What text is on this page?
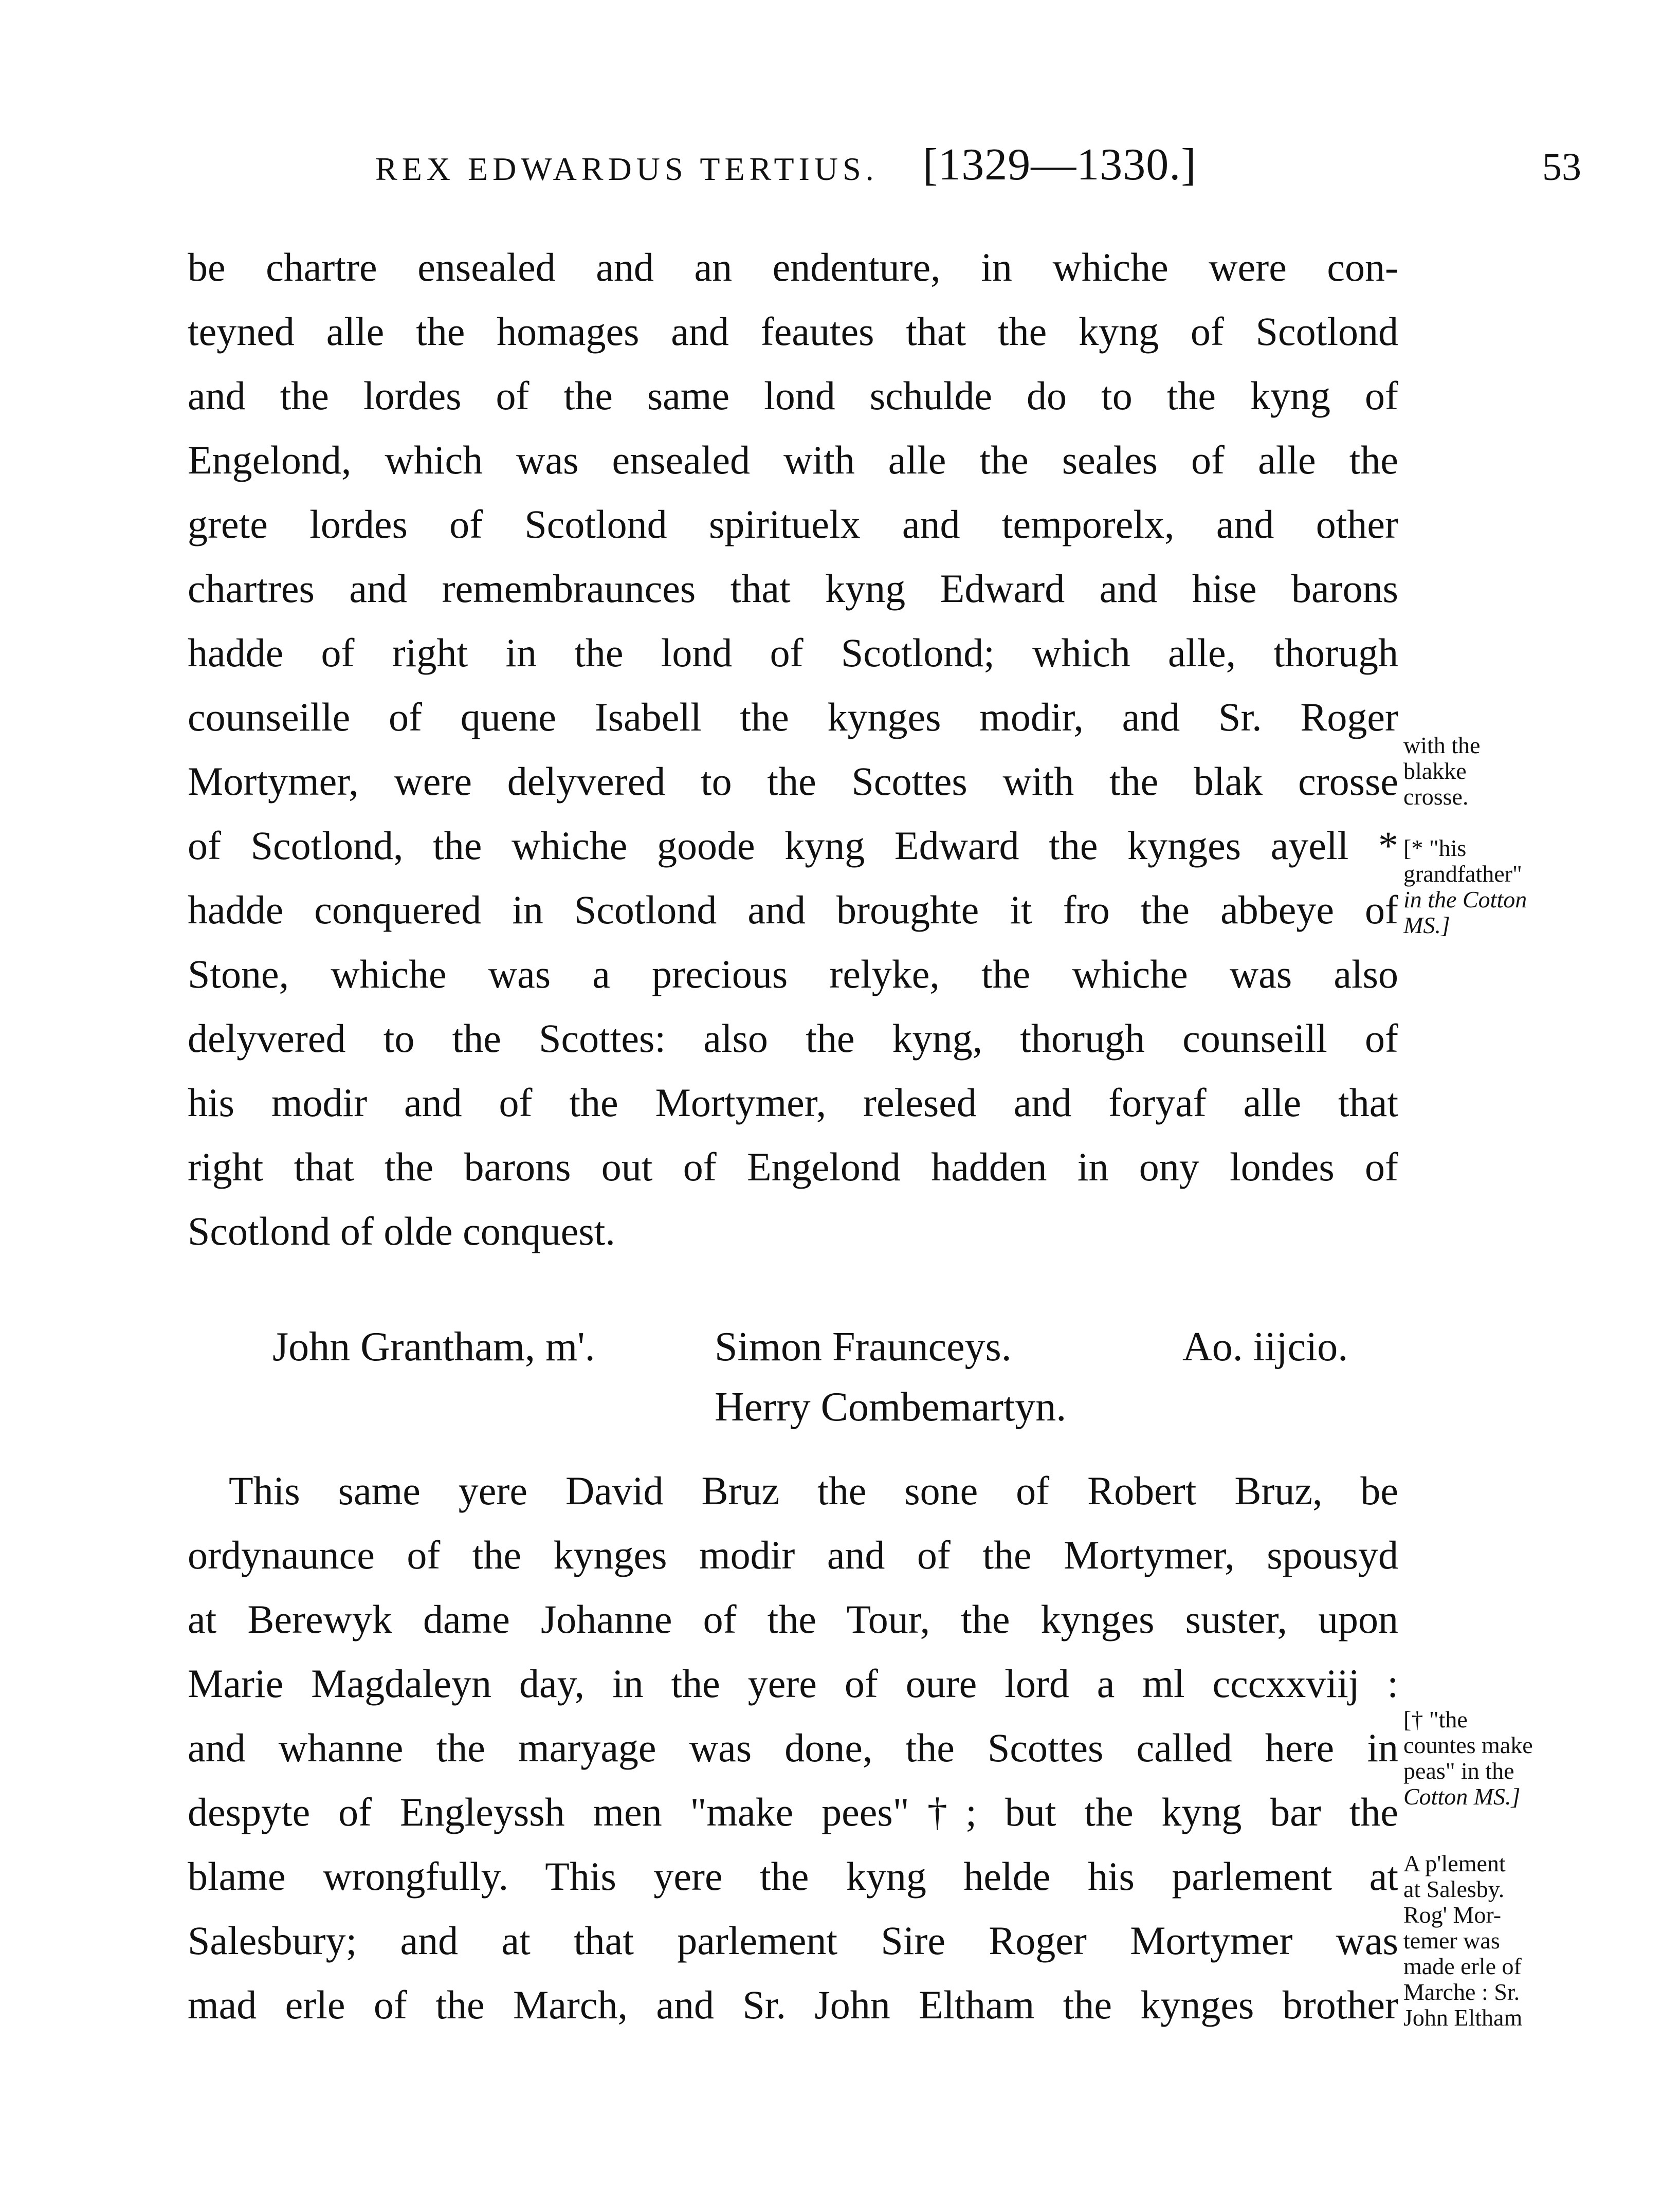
REX EDWARDUS TERTIUS. [1329—1330.]	53
be chartre ensealed and an endenture, in whiche were con-
teyned alle the homages and feautes that the kyng of Scotlond
and the lordes of the same lond schulde do to the kyng of
Engelond, which was ensealed with alle the seales of alle the
grete lordes of Scotlond spirituelx and temporelx, and other
chartres and remembraunces that kyng Edward and hise barons
hadde of right in the lond of Scotlond; which alle, thorugh
counseille of quene Isabell the kynges modir, and Sr. Roger
Mortymer, were delyvered to the Scottes with the blak crosse
of Scotlond, the whiche goode kyng Edward the kynges ayell *
hadde conquered in Scotlond and broughte it fro the abbeye of
Stone, whiche was a precious relyke, the whiche was also
delyvered to the Scottes: also the kyng, thorugh counseill of
his modir and of the Mortymer, relesed and foryaf alle that
right that the barons out of Engelond hadden in ony londes of
Scotlond of olde conquest.
John Grantham, m'.	Simon Fraunceys.	Ao. iijcio.
Herry Combemartyn.
This same yere David Bruz the sone of Robert Bruz, be
ordynaunce of the kynges modir and of the Mortymer, spousyd
at Berewyk dame Johanne of the Tour, the kynges suster, upon
Marie Magdaleyn day, in the yere of oure lord a ml cccxxviij :
and whanne the maryage was done, the Scottes called here in
despyte of Engleyssh men "make pees"†; but the kyng bar the
blame wrongfully. This yere the kyng helde his parlement at
Salesbury; and at that parlement Sire Roger Mortymer was
mad erle of the March, and Sr. John Eltham the kynges brother
with the
blakke
crosse.
[* "his
grandfather"
in the Cotton
MS.]
[† "the
countes make
peas" in the
Cotton MS.]
A p'lement
at Salesby.
Rog' Mor-
temer was
made erle of
Marche : Sr.
John Eltham
